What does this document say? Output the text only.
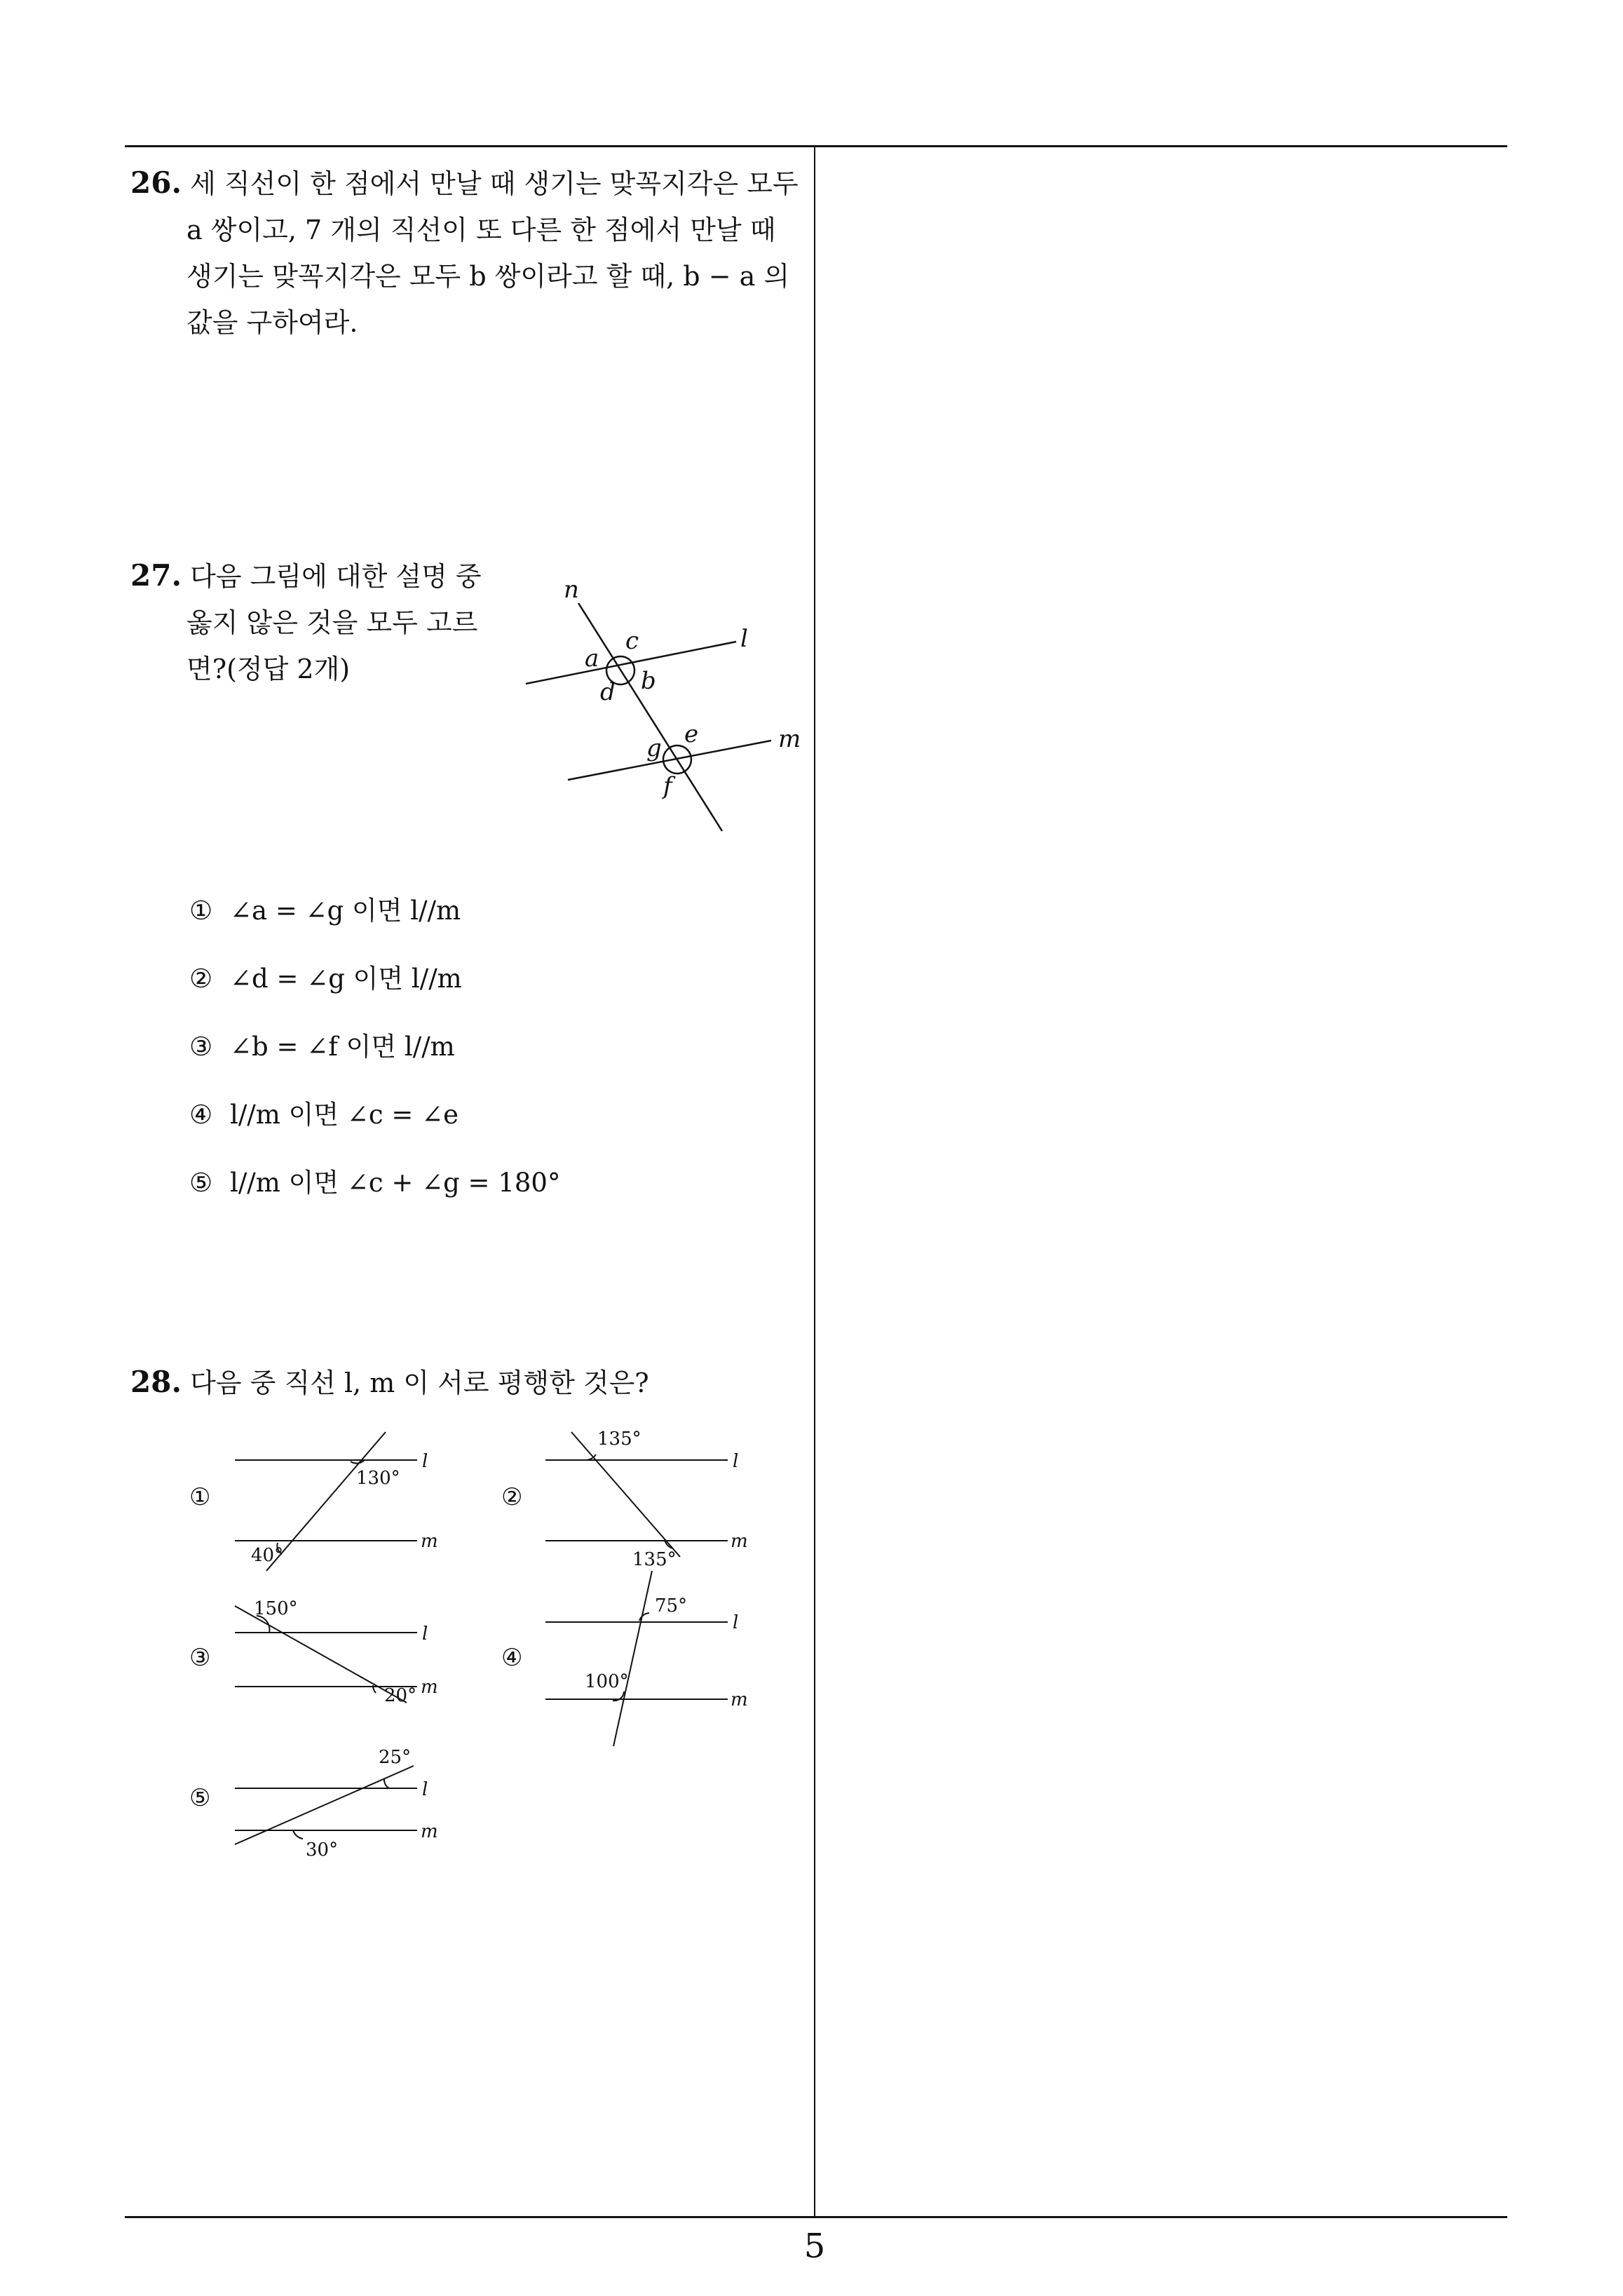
5
26. 세 직선이 한 점에서 만날 때 생기는 맞꼭지각은 모두
a 쌍이고, 7 개의 직선이 또 다른 한 점에서 만날 때
생기는 맞꼭지각은 모두 b 쌍이라고 할 때, b − a 의
값을 구하여라.
27. 다음 그림에 대한 설명 중
옳지 않은 것을 모두 고르
면?(정답 2개)
n
l
m
a
c
b
d
e
g
f
① ∠a = ∠g 이면 l//m
② ∠d = ∠g 이면 l//m
③ ∠b = ∠f 이면 l//m
④ l//m 이면 ∠c = ∠e
⑤ l//m 이면 ∠c + ∠g = 180°
28. 다음 중 직선 l, m 이 서로 평행한 것은?
①
l
m
130°
40°
②
l
m
135°
135°
③
l
m
150°
20°
④
l
m
75°
100°
⑤	l
m
25°
30°
